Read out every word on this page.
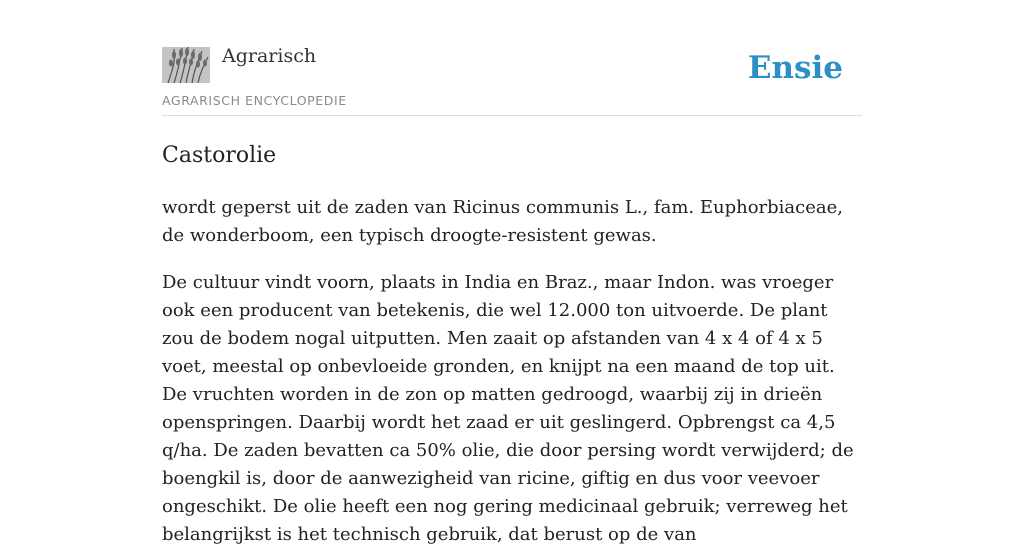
Agrarisch
AGRARISCH ENCYCLOPEDIE
Ensie
Castorolie

wordt geperst uit de zaden van Ricinus communis L., fam. Euphorbiaceae, de wonderboom, een typisch droogte-resistent gewas.

De cultuur vindt voorn, plaats in India en Braz., maar Indon. was vroeger ook een producent van betekenis, die wel 12.000 ton uitvoerde. De plant zou de bodem nogal uitputten. Men zaait op afstanden van 4 x 4 of 4 x 5 voet, meestal op onbevloeide gronden, en knijpt na een maand de top uit. De vruchten worden in de zon op matten gedroogd, waarbij zij in drieën openspringen. Daarbij wordt het zaad er uit geslingerd. Opbrengst ca 4,5 q/ha. De zaden bevatten ca 50% olie, die door persing wordt verwijderd; de boengkil is, door de aanwezigheid van ricine, giftig en dus voor veevoer ongeschikt. De olie heeft een nog gering medicinaal gebruik; verreweg het belangrijkst is het technisch gebruik, dat berust op de van
